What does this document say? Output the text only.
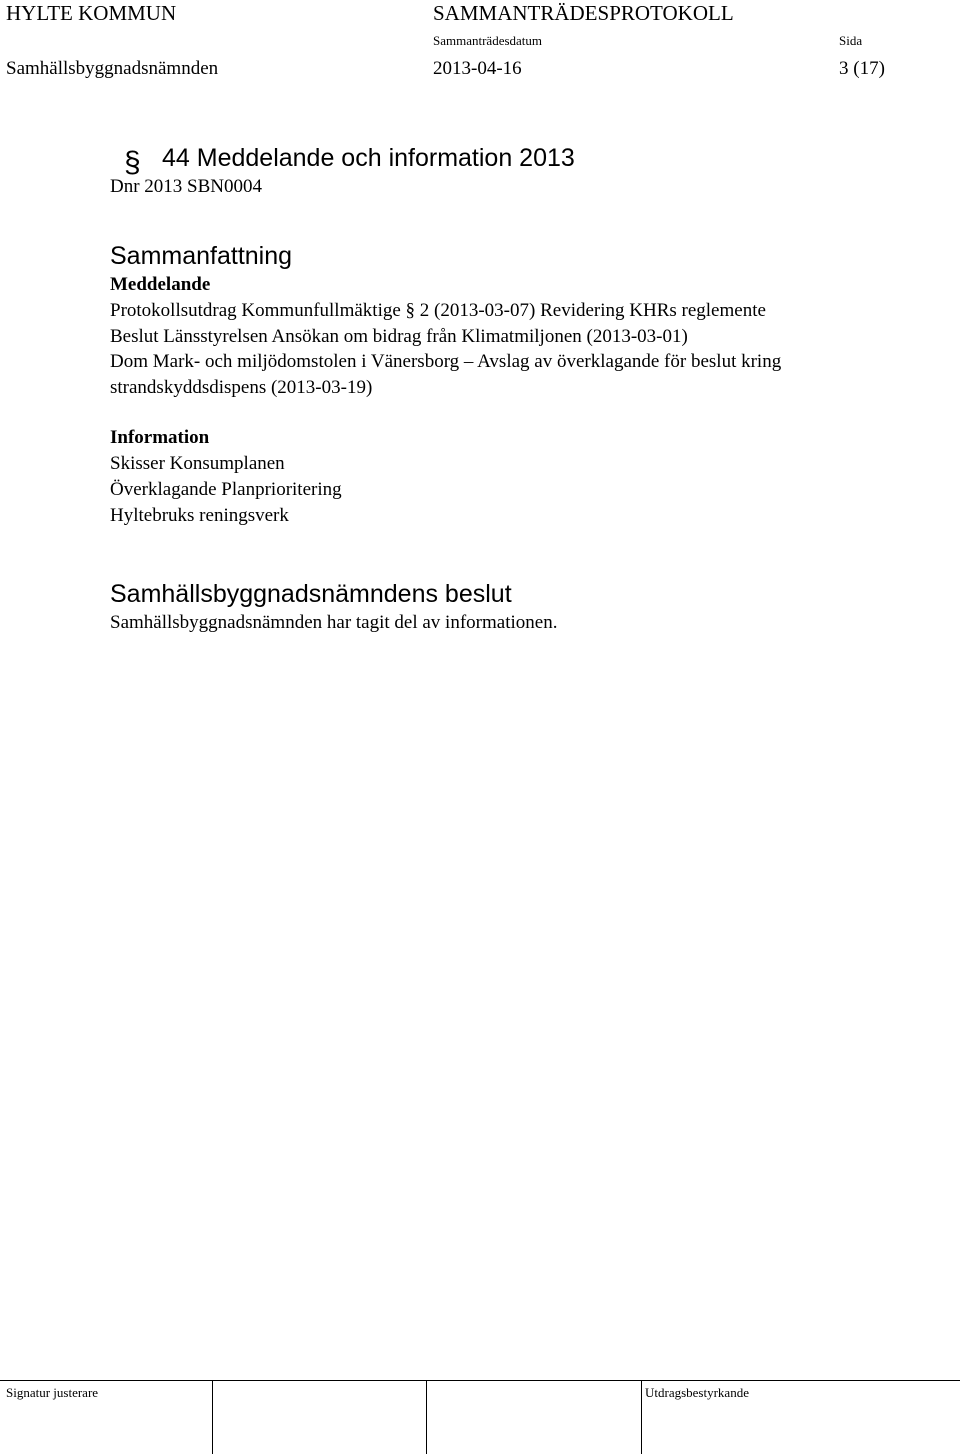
HYLTE KOMMUN	SAMMANTRÄDESPROTOKOLL
Sammanträdesdatum	Sida
Samhällsbyggnadsnämnden	2013-04-16	3 (17)
§ 44 Meddelande och information 2013
Dnr 2013 SBN0004

Sammanfattning

Meddelande

Protokollsutdrag Kommunfullmäktige § 2 (2013-03-07) Revidering KHRs reglemente

Beslut Länsstyrelsen Ansökan om bidrag från Klimatmiljonen (2013-03-01)

Dom Mark- och miljödomstolen i Vänersborg – Avslag av överklagande för beslut kring

strandskyddsdispens (2013-03-19)

Information

Skisser Konsumplanen

Överklagande Planprioritering

Hyltebruks reningsverk

Samhällsbyggnadsnämndens beslut

Samhällsbyggnadsnämnden har tagit del av informationen.

Signatur justerare	Utdragsbestyrkande
